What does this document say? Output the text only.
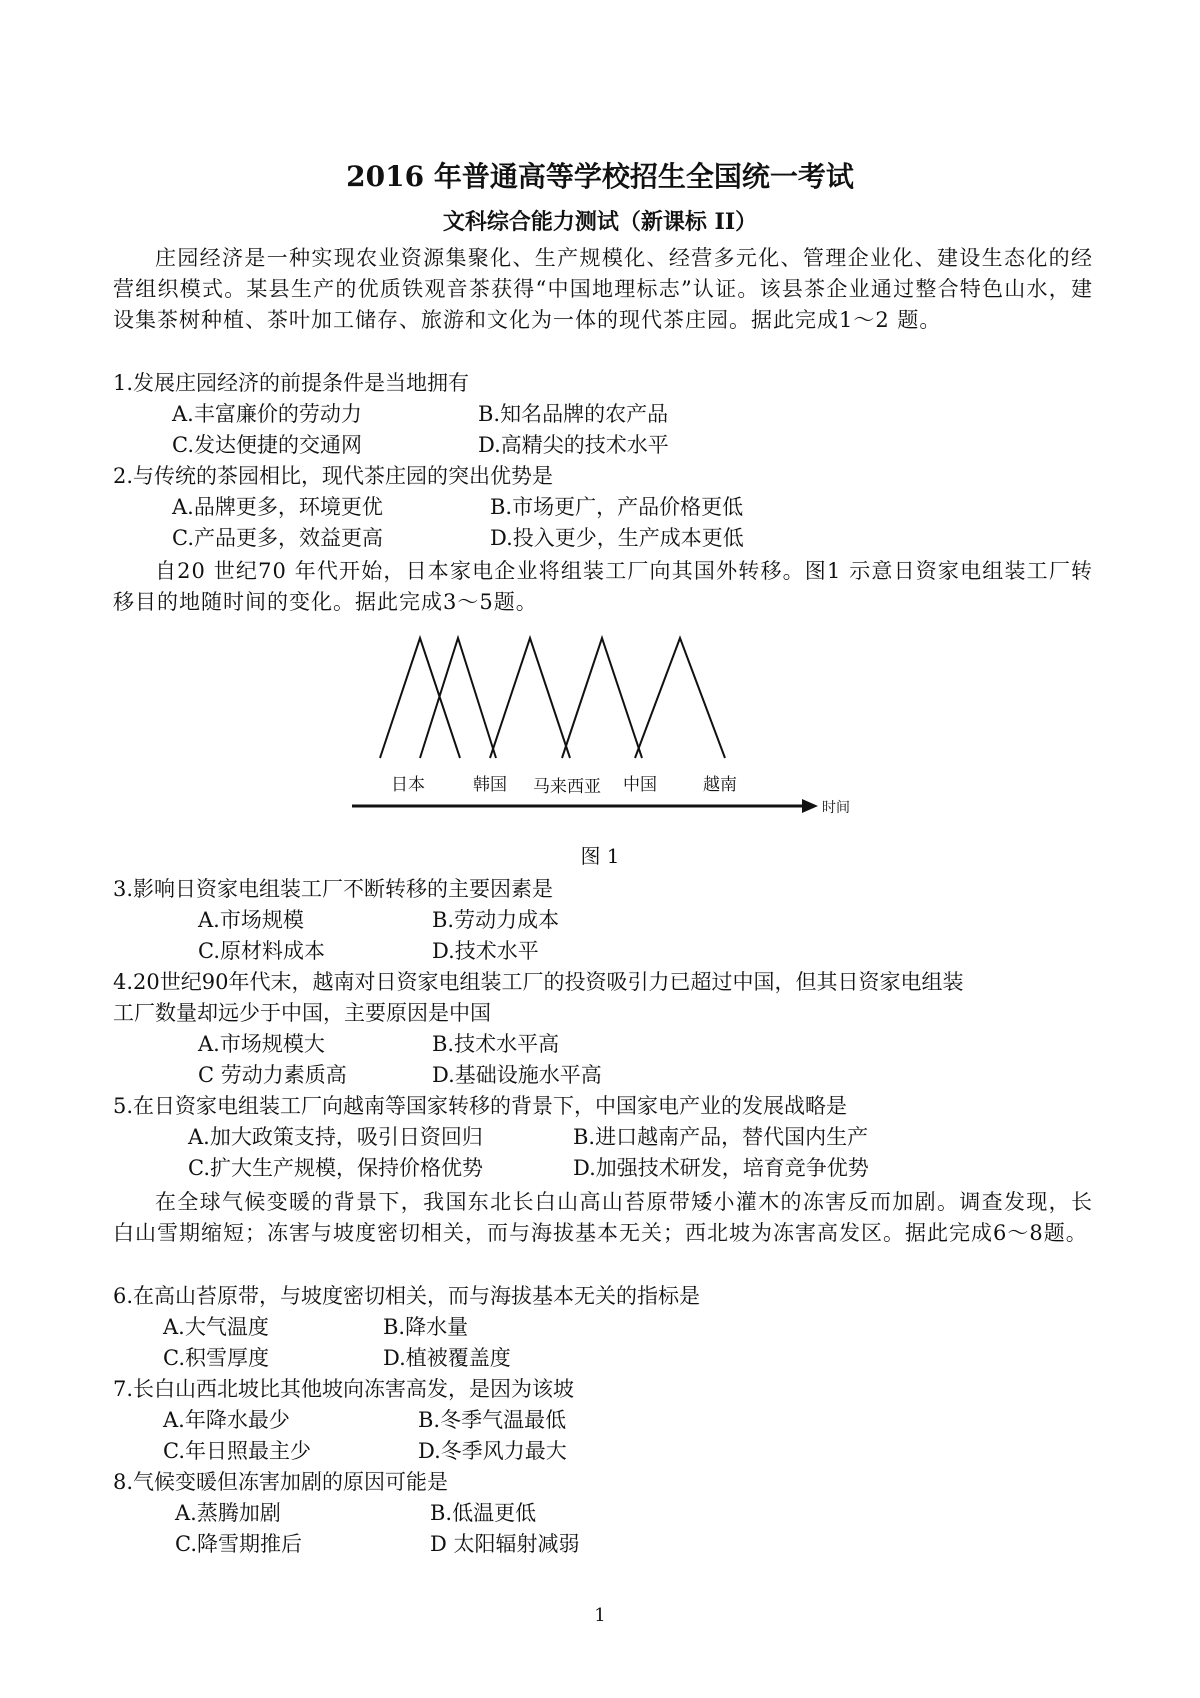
2016 年普通高等学校招生全国统一考试
文科综合能力测试（新课标 II）

庄园经济是一种实现农业资源集聚化、生产规模化、经营多元化、管理企业化、建设生态化的经营组织模式。某县生产的优质铁观音茶获得“中国地理标志”认证。该县茶企业通过整合特色山水，建设集茶树种植、茶叶加工储存、旅游和文化为一体的现代茶庄园。据此完成1～2 题。

1.发展庄园经济的前提条件是当地拥有

A.丰富廉价的劳动力	B.知名品牌的农产品

C.发达便捷的交通网	D.高精尖的技术水平

2.与传统的茶园相比，现代茶庄园的突出优势是

A.品牌更多，环境更优	B.市场更广，产品价格更低

C.产品更多，效益更高	D.投入更少，生产成本更低

自20 世纪70 年代开始，日本家电企业将组装工厂向其国外转移。图1 示意日资家电组装工厂转移目的地随时间的变化。据此完成3～5题。

日本	韩国 马来西亚 中国	越南
时间
图 1

3.影响日资家电组装工厂不断转移的主要因素是

A.市场规模	B.劳动力成本

C.原材料成本	D.技术水平

4.20世纪90年代末，越南对日资家电组装工厂的投资吸引力已超过中国，但其日资家电组装

工厂数量却远少于中国，主要原因是中国

A.市场规模大	B.技术水平高

C 劳动力素质高	D.基础设施水平高

5.在日资家电组装工厂向越南等国家转移的背景下，中国家电产业的发展战略是

A.加大政策支持，吸引日资回归	B.进口越南产品，替代国内生产

C.扩大生产规模，保持价格优势	D.加强技术研发，培育竞争优势

在全球气候变暖的背景下，我国东北长白山高山苔原带矮小灌木的冻害反而加剧。调查发现，长白山雪期缩短；冻害与坡度密切相关，而与海拔基本无关；西北坡为冻害高发区。据此完成6～8题。

6.在高山苔原带，与坡度密切相关，而与海拔基本无关的指标是

A.大气温度	B.降水量

C.积雪厚度	D.植被覆盖度

7.长白山西北坡比其他坡向冻害高发，是因为该坡

A.年降水最少	B.冬季气温最低

C.年日照最主少	D.冬季风力最大

8.气候变暖但冻害加剧的原因可能是

A.蒸腾加剧	B.低温更低

C.降雪期推后	D 太阳辐射减弱

1
